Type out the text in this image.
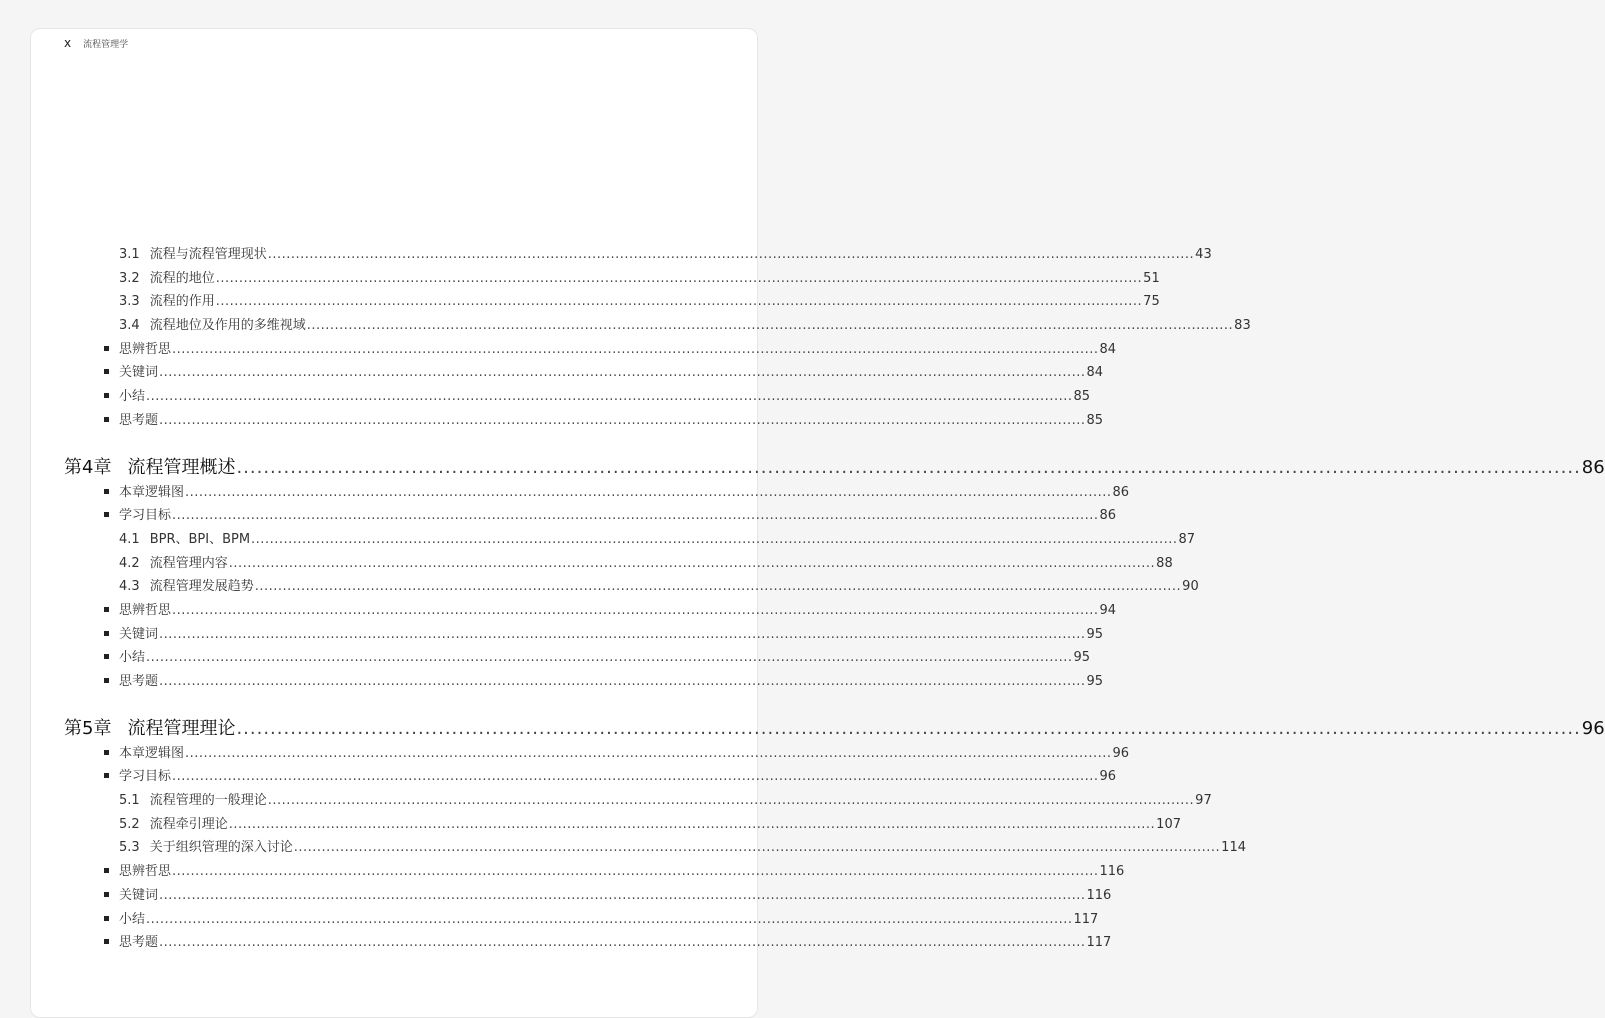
x 流程管理学
3.1 流程与流程管理现状 ........................................................................................................................................................................................................ 43
3.2 流程的地位 ........................................................................................................................................................................................................ 51
3.3 流程的作用 ........................................................................................................................................................................................................ 75
3.4 流程地位及作用的多维视域 ........................................................................................................................................................................................................ 83
思辨哲思 ........................................................................................................................................................................................................ 84
关键词 ........................................................................................................................................................................................................ 84
小结 ........................................................................................................................................................................................................ 85
思考题 ........................................................................................................................................................................................................ 85
第4章 流程管理概述 ........................................................................................................................................................................................................ 86
本章逻辑图 ........................................................................................................................................................................................................ 86
学习目标 ........................................................................................................................................................................................................ 86
4.1 BPR、BPI、BPM ........................................................................................................................................................................................................ 87
4.2 流程管理内容 ........................................................................................................................................................................................................ 88
4.3 流程管理发展趋势 ........................................................................................................................................................................................................ 90
思辨哲思 ........................................................................................................................................................................................................ 94
关键词 ........................................................................................................................................................................................................ 95
小结 ........................................................................................................................................................................................................ 95
思考题 ........................................................................................................................................................................................................ 95
第5章 流程管理理论 ........................................................................................................................................................................................................ 96
本章逻辑图 ........................................................................................................................................................................................................ 96
学习目标 ........................................................................................................................................................................................................ 96
5.1 流程管理的一般理论 ........................................................................................................................................................................................................ 97
5.2 流程牵引理论 ........................................................................................................................................................................................................ 107
5.3 关于组织管理的深入讨论 ........................................................................................................................................................................................................ 114
思辨哲思 ........................................................................................................................................................................................................ 116
关键词 ........................................................................................................................................................................................................ 116
小结 ........................................................................................................................................................................................................ 117
思考题 ........................................................................................................................................................................................................ 117
